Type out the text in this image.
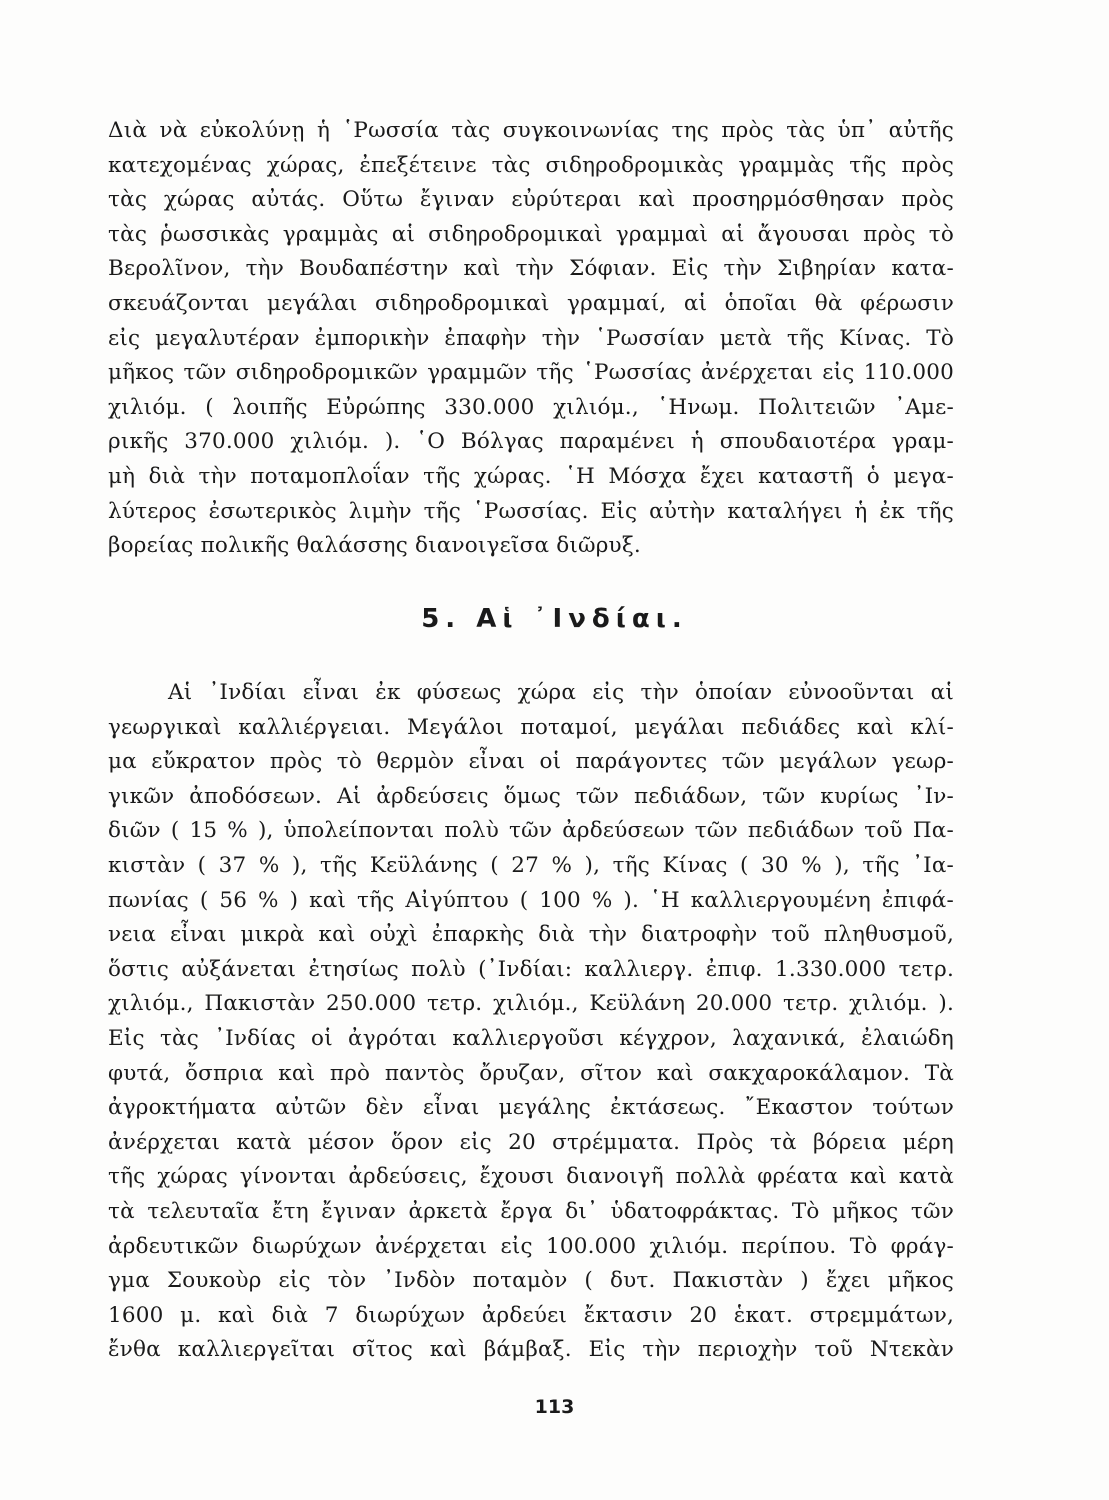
Διὰ νὰ εὐκολύνῃ ἡ ῾Ρωσσία τὰς συγκοινωνίας της πρὸς τὰς ὑπ᾿ αὐτῆς
κατεχομένας χώρας, ἐπεξέτεινε τὰς σιδηροδρομικὰς γραμμὰς τῆς πρὸς
τὰς χώρας αὐτάς. Οὕτω ἔγιναν εὐρύτεραι καὶ προσηρμόσθησαν πρὸς
τὰς ῥωσσικὰς γραμμὰς αἱ σιδηροδρομικαὶ γραμμαὶ αἱ ἄγουσαι πρὸς τὸ
Βερολῖνον, τὴν Βουδαπέστην καὶ τὴν Σόφιαν. Εἰς τὴν Σιβηρίαν κατα-
σκευάζονται μεγάλαι σιδηροδρομικαὶ γραμμαί, αἱ ὁποῖαι θὰ φέρωσιν
εἰς μεγαλυτέραν ἐμπορικὴν ἐπαφὴν τὴν ῾Ρωσσίαν μετὰ τῆς Κίνας. Τὸ
μῆκος τῶν σιδηροδρομικῶν γραμμῶν τῆς ῾Ρωσσίας ἀνέρχεται εἰς 110.000
χιλιόμ. ( λοιπῆς Εὐρώπης 330.000 χιλιόμ., ῾Ηνωμ. Πολιτειῶν ᾿Αμε-
ρικῆς 370.000 χιλιόμ. ). ῾Ο Βόλγας παραμένει ἡ σπουδαιοτέρα γραμ-
μὴ διὰ τὴν ποταμοπλοΐαν τῆς χώρας. ῾Η Μόσχα ἔχει καταστῆ ὁ μεγα-
λύτερος ἐσωτερικὸς λιμὴν τῆς ῾Ρωσσίας. Εἰς αὐτὴν καταλήγει ἡ ἐκ τῆς
βορείας πολικῆς θαλάσσης διανοιγεῖσα διῶρυξ.
5. Αἱ ᾿Ινδίαι.
Αἱ ᾿Ινδίαι εἶναι ἐκ φύσεως χώρα εἰς τὴν ὁποίαν εὐνοοῦνται αἱ
γεωργικαὶ καλλιέργειαι. Μεγάλοι ποταμοί, μεγάλαι πεδιάδες καὶ κλί-
μα εὔκρατον πρὸς τὸ θερμὸν εἶναι οἱ παράγοντες τῶν μεγάλων γεωρ-
γικῶν ἀποδόσεων. Αἱ ἀρδεύσεις ὅμως τῶν πεδιάδων, τῶν κυρίως ᾿Ιν-
διῶν ( 15 % ), ὑπολείπονται πολὺ τῶν ἀρδεύσεων τῶν πεδιάδων τοῦ Πα-
κιστὰν ( 37 % ), τῆς Κεϋλάνης ( 27 % ), τῆς Κίνας ( 30 % ), τῆς ᾿Ια-
πωνίας ( 56 % ) καὶ τῆς Αἰγύπτου ( 100 % ). ῾Η καλλιεργουμένη ἐπιφά-
νεια εἶναι μικρὰ καὶ οὐχὶ ἐπαρκὴς διὰ τὴν διατροφὴν τοῦ πληθυσμοῦ,
ὅστις αὐξάνεται ἐτησίως πολὺ (᾿Ινδίαι: καλλιεργ. ἐπιφ. 1.330.000 τετρ.
χιλιόμ., Πακιστὰν 250.000 τετρ. χιλιόμ., Κεϋλάνη 20.000 τετρ. χιλιόμ. ).
Εἰς τὰς ᾿Ινδίας οἱ ἀγρόται καλλιεργοῦσι κέγχρον, λαχανικά, ἐλαιώδη
φυτά, ὄσπρια καὶ πρὸ παντὸς ὄρυζαν, σῖτον καὶ σακχαροκάλαμον. Τὰ
ἀγροκτήματα αὐτῶν δὲν εἶναι μεγάλης ἐκτάσεως. ῎Εκαστον τούτων
ἀνέρχεται κατὰ μέσον ὅρον εἰς 20 στρέμματα. Πρὸς τὰ βόρεια μέρη
τῆς χώρας γίνονται ἀρδεύσεις, ἔχουσι διανοιγῆ πολλὰ φρέατα καὶ κατὰ
τὰ τελευταῖα ἔτη ἔγιναν ἀρκετὰ ἔργα δι᾿ ὑδατοφράκτας. Τὸ μῆκος τῶν
ἀρδευτικῶν διωρύχων ἀνέρχεται εἰς 100.000 χιλιόμ. περίπου. Τὸ φράγ-
γμα Σουκοὺρ εἰς τὸν ᾿Ινδὸν ποταμὸν ( δυτ. Πακιστὰν ) ἔχει μῆκος
1600 μ. καὶ διὰ 7 διωρύχων ἀρδεύει ἔκτασιν 20 ἑκατ. στρεμμάτων,
ἔνθα καλλιεργεῖται σῖτος καὶ βάμβαξ. Εἰς τὴν περιοχὴν τοῦ Ντεκὰν
113
